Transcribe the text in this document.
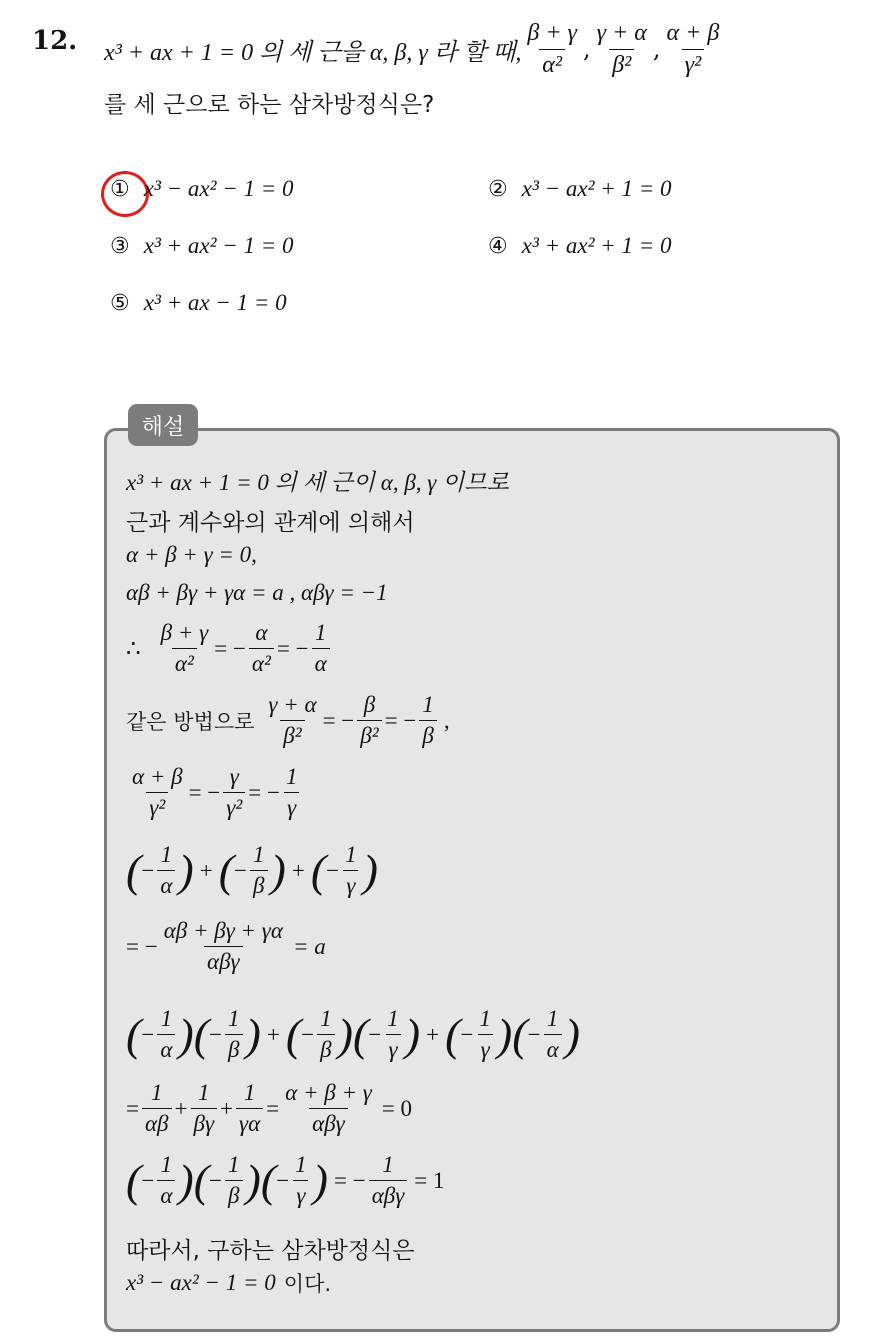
12. x³ + ax + 1 = 0 의 세 근을 α, β, γ 라 할 때, $\frac{\beta + \gamma}{\text{α²}}$ , $\frac{\gamma + \alpha}{\text{β²}}$ , $\frac{\alpha + \beta}{\text{γ²}}$
를 세 근으로 하는 삼차방정식은?
① x³ − ax² − 1 = 0	② x³ − ax² + 1 = 0
③ x³ + ax² − 1 = 0	④ x³ + ax² + 1 = 0
⑤ x³ + ax − 1 = 0
해설
x³ + ax + 1 = 0 의 세 근이 α, β, γ 이므로
근과 계수와의 관계에 의해서
α + β + γ = 0,
αβ + βγ + γα = a , αβγ = −1
∴ $\frac{\beta + \gamma}{\text{α²}}$ = − $\frac{\alpha}{\text{α²}}$ = − $\frac{1}{\alpha}$
같은 방법으로 $\frac{\gamma + \alpha}{\text{β²}}$ = − $\frac{\beta}{\text{β²}}$ = − $\frac{1}{\beta}$ ,
$\frac{\alpha + \beta}{\text{γ²}}$ = − $\frac{\gamma}{\text{γ²}}$ = − $\frac{1}{\gamma}$
( − $\frac{1}{\alpha}$ ) + ( − $\frac{1}{\beta}$ ) + ( − $\frac{1}{\gamma}$ )
= − $\frac{\alpha\beta + \beta\gamma + \gamma\alpha}{\text{αβγ}} = a$
( − $\frac{1}{\alpha}$ ) ( − $\frac{1}{\beta}$ ) + ( − $\frac{1}{\beta}$ ) ( − $\frac{1}{\gamma}$ ) + ( − $\frac{1}{\gamma}$ ) ( − $\frac{1}{\alpha}$ )
= $\frac{1}{\alpha\beta} + \frac{1}{\beta\gamma} + \frac{1}{\gamma\alpha} = \frac{\alpha + \beta + \gamma}{\text{αβγ}} = 0$
( − $\frac{1}{\alpha}$ ) ( − $\frac{1}{\beta}$ ) ( − $\frac{1}{\gamma}$ ) = − $\frac{1}{\text{αβγ}} = 1$
따라서, 구하는 삼차방정식은
x³ − ax² − 1 = 0 이다.
